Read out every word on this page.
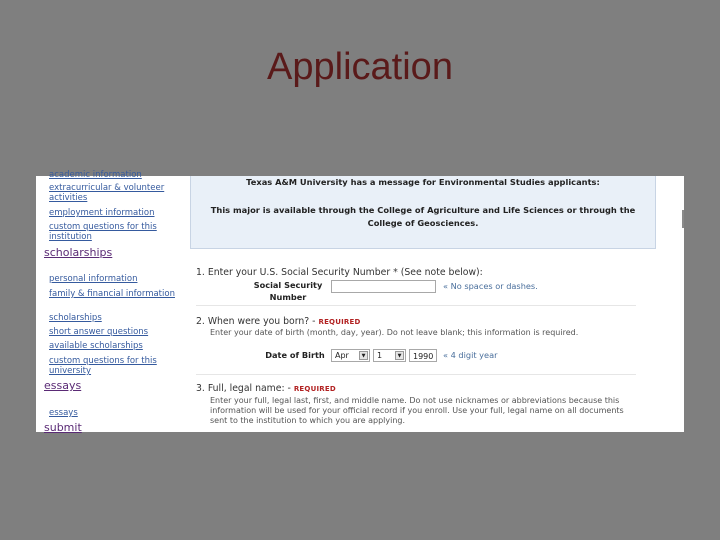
Application
academic information
extracurricular & volunteer activities
employment information
custom questions for this institution
scholarships
personal information
family & financial information
scholarships
short answer questions
available scholarships
custom questions for this university
essays
essays
submit
Texas A&M University has a message for Environmental Studies applicants:
This major is available through the College of Agriculture and Life Sciences or through the College of Geosciences.
1. Enter your U.S. Social Security Number * (See note below):
Social Security Number
« No spaces or dashes.
2. When were you born? - REQUIRED
Enter your date of birth (month, day, year). Do not leave blank; this information is required.
Date of Birth	Apr	▼	1	▼	1990	« 4 digit year
3. Full, legal name: - REQUIRED
Enter your full, legal last, first, and middle name. Do not use nicknames or abbreviations because this information will be used for your official record if you enroll. Use your full, legal name on all documents sent to the institution to which you are applying.
